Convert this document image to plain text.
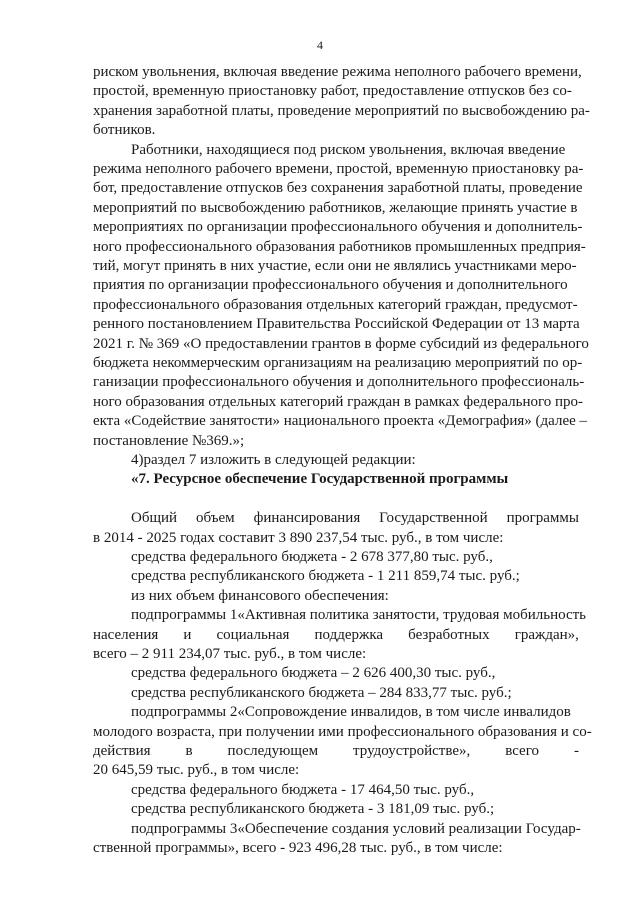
4
риском увольнения, включая введение режима неполного рабочего времени,
простой, временную приостановку работ, предоставление отпусков без со-
хранения заработной платы, проведение мероприятий по высвобождению ра-
ботников.
Работники, находящиеся под риском увольнения, включая введение
режима неполного рабочего времени, простой, временную приостановку ра-
бот, предоставление отпусков без сохранения заработной платы, проведение
мероприятий по высвобождению работников, желающие принять участие в
мероприятиях по организации профессионального обучения и дополнитель-
ного профессионального образования работников промышленных предприя-
тий, могут принять в них участие, если они не являлись участниками меро-
приятия по организации профессионального обучения и дополнительного
профессионального образования отдельных категорий граждан, предусмот-
ренного постановлением Правительства Российской Федерации от 13 марта
2021 г. № 369 «О предоставлении грантов в форме субсидий из федерального
бюджета некоммерческим организациям на реализацию мероприятий по ор-
ганизации профессионального обучения и дополнительного профессиональ-
ного образования отдельных категорий граждан в рамках федерального про-
екта «Содействие занятости» национального проекта «Демография» (далее –
постановление №369.»;
4)раздел 7 изложить в следующей редакции:
«7. Ресурсное обеспечение Государственной программы
Общий объем финансирования Государственной программы
в 2014 - 2025 годах составит 3 890 237,54 тыс. руб., в том числе:
средства федерального бюджета - 2 678 377,80 тыс. руб.,
средства республиканского бюджета - 1 211 859,74 тыс. руб.;
из них объем финансового обеспечения:
подпрограммы 1«Активная политика занятости, трудовая мобильность
населения и социальная поддержка безработных граждан»,
всего – 2 911 234,07 тыс. руб., в том числе:
средства федерального бюджета – 2 626 400,30 тыс. руб.,
средства республиканского бюджета – 284 833,77 тыс. руб.;
подпрограммы 2«Сопровождение инвалидов, в том числе инвалидов
молодого возраста, при получении ими профессионального образования и со-
действия в последующем трудоустройстве», всего -
20 645,59 тыс. руб., в том числе:
средства федерального бюджета - 17 464,50 тыс. руб.,
средства республиканского бюджета - 3 181,09 тыс. руб.;
подпрограммы 3«Обеспечение создания условий реализации Государ-
ственной программы», всего - 923 496,28 тыс. руб., в том числе:
